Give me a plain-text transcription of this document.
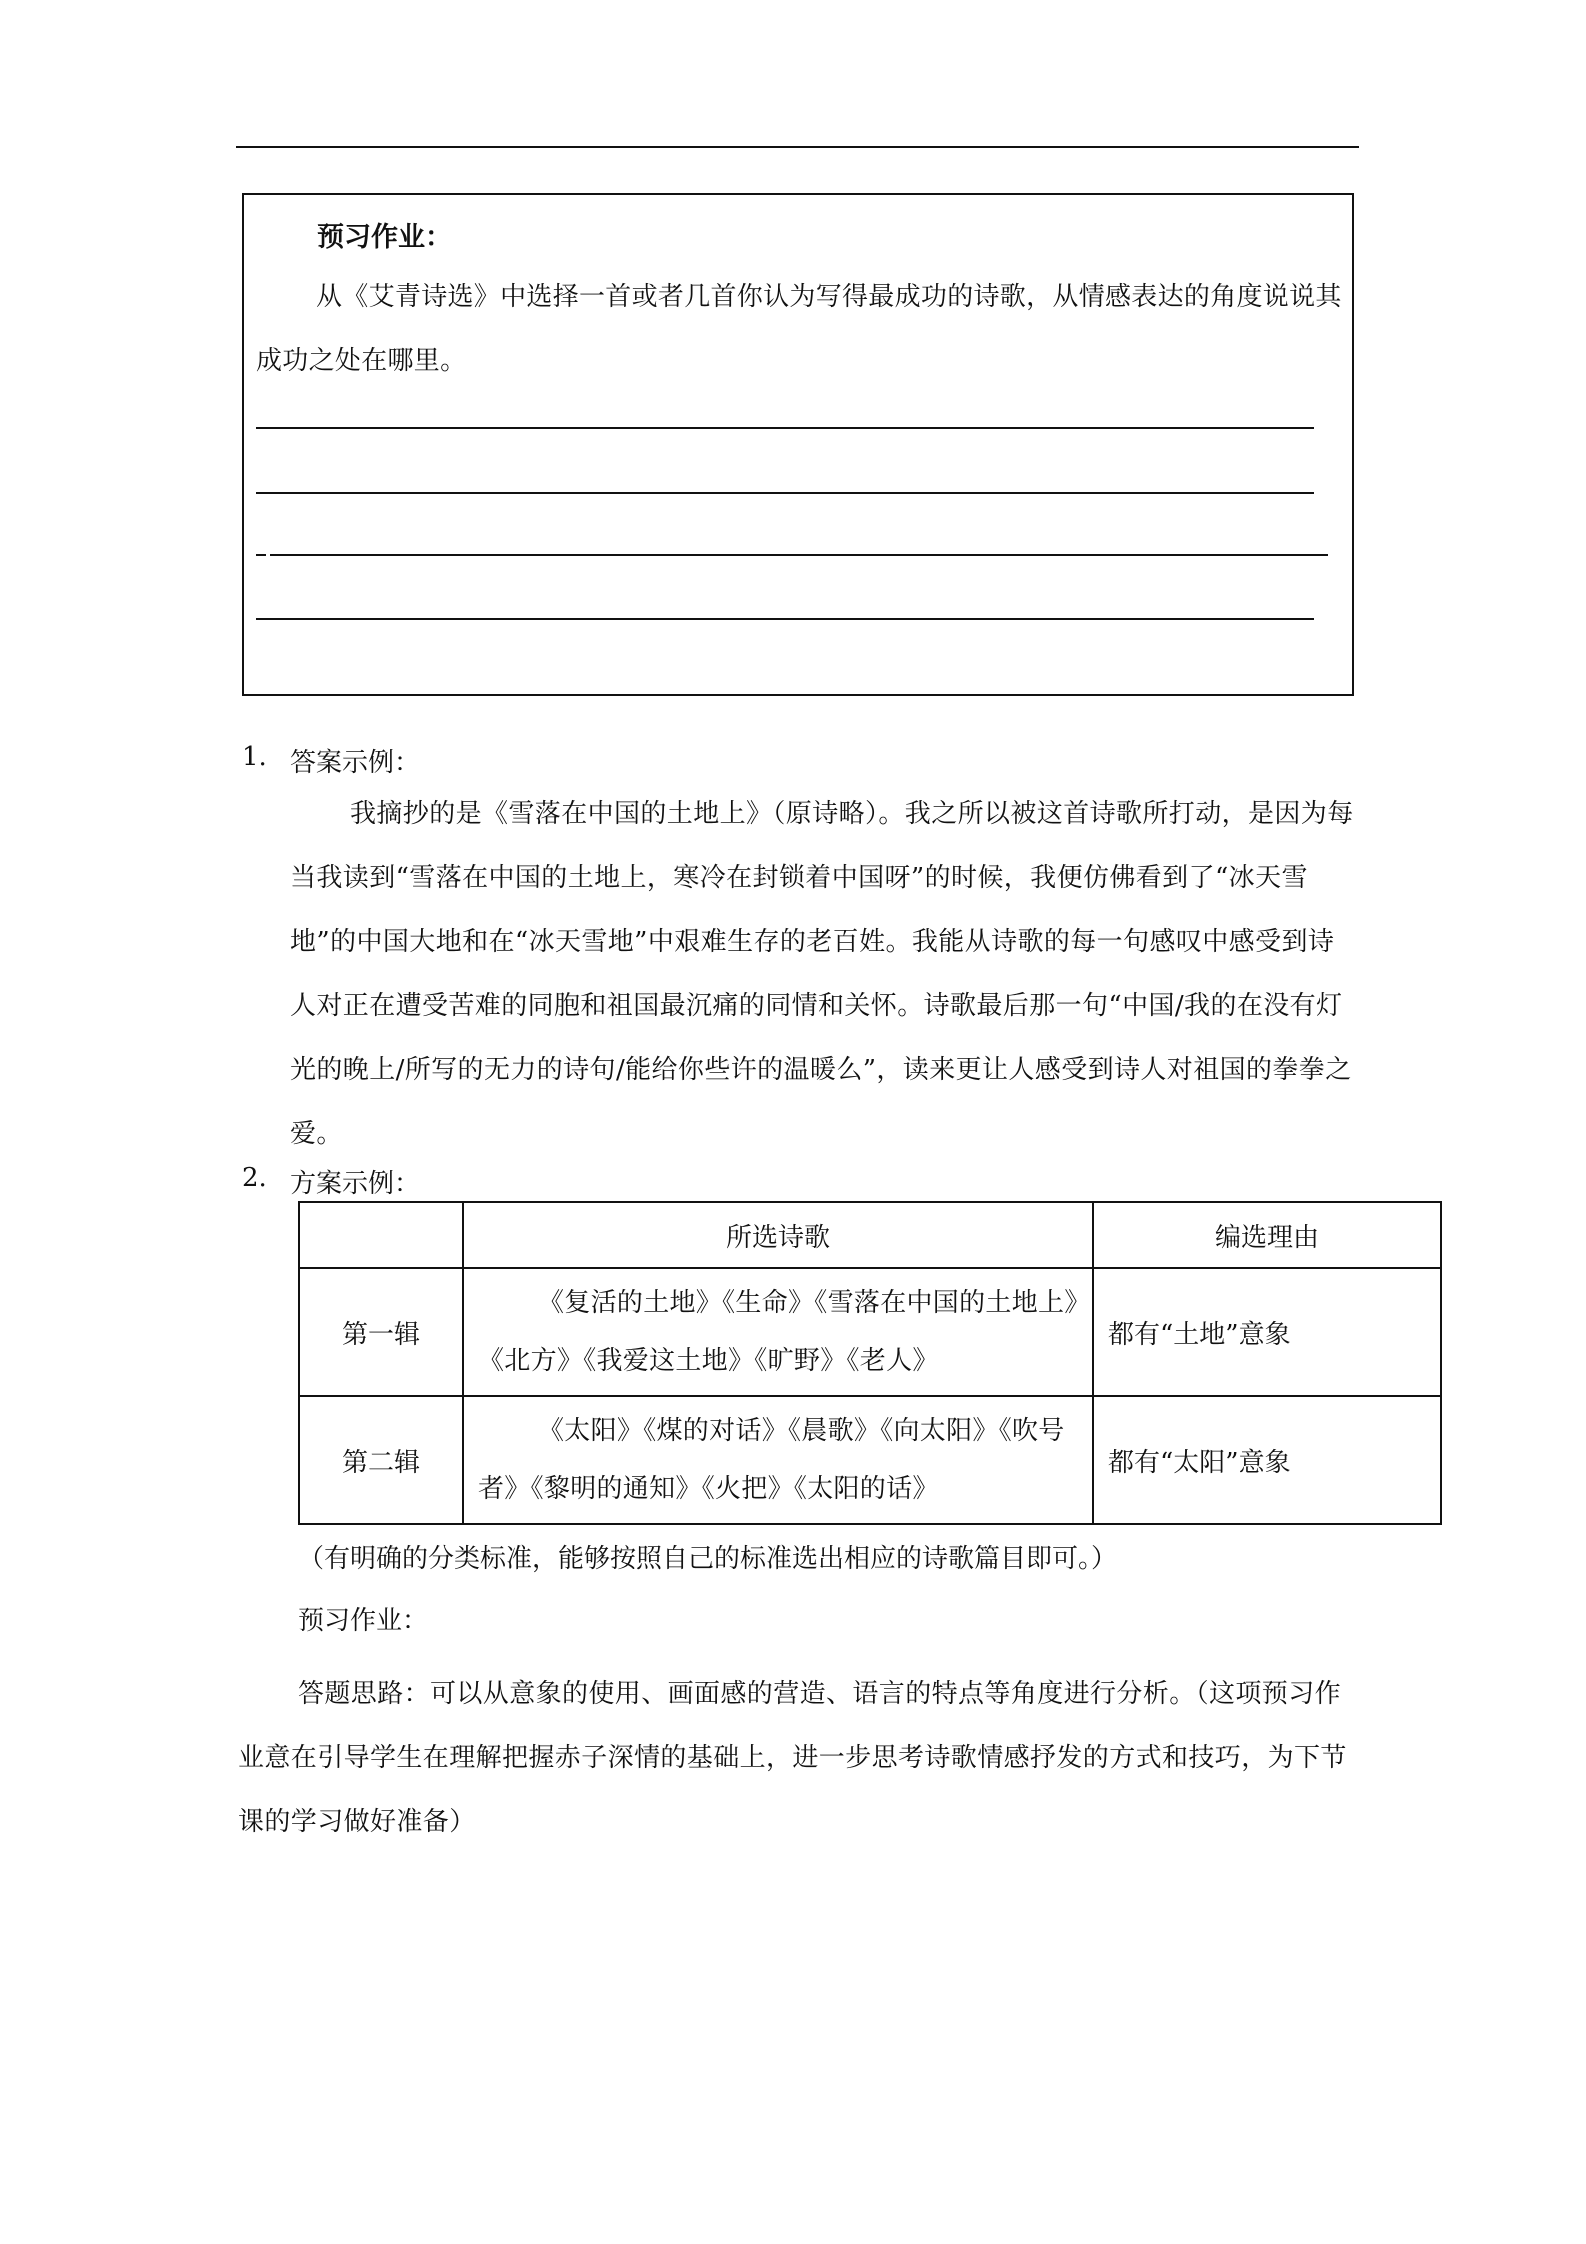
预习作业：
从《艾青诗选》中选择一首或者几首你认为写得最成功的诗歌，从情感表达的角度说说其成功之处在哪里。
1. 答案示例：
我摘抄的是《雪落在中国的土地上》（原诗略）。我之所以被这首诗歌所打动，是因为每当我读到“雪落在中国的土地上，寒冷在封锁着中国呀”的时候，我便仿佛看到了“冰天雪地”的中国大地和在“冰天雪地”中艰难生存的老百姓。我能从诗歌的每一句感叹中感受到诗人对正在遭受苦难的同胞和祖国最沉痛的同情和关怀。诗歌最后那一句“中国/我的在没有灯光的晚上/所写的无力的诗句/能给你些许的温暖么”，读来更让人感受到诗人对祖国的拳拳之爱。
2. 方案示例：
	所选诗歌	编选理由
第一辑	《复活的土地》《生命》《雪落在中国的土地上》《北方》《我爱这土地》《旷野》《老人》	都有“土地”意象
第二辑	《太阳》《煤的对话》《晨歌》《向太阳》《吹号者》《黎明的通知》《火把》《太阳的话》	都有“太阳”意象
（有明确的分类标准，能够按照自己的标准选出相应的诗歌篇目即可。）
预习作业：
答题思路：可以从意象的使用、画面感的营造、语言的特点等角度进行分析。（这项预习作业意在引导学生在理解把握赤子深情的基础上，进一步思考诗歌情感抒发的方式和技巧，为下节课的学习做好准备）
